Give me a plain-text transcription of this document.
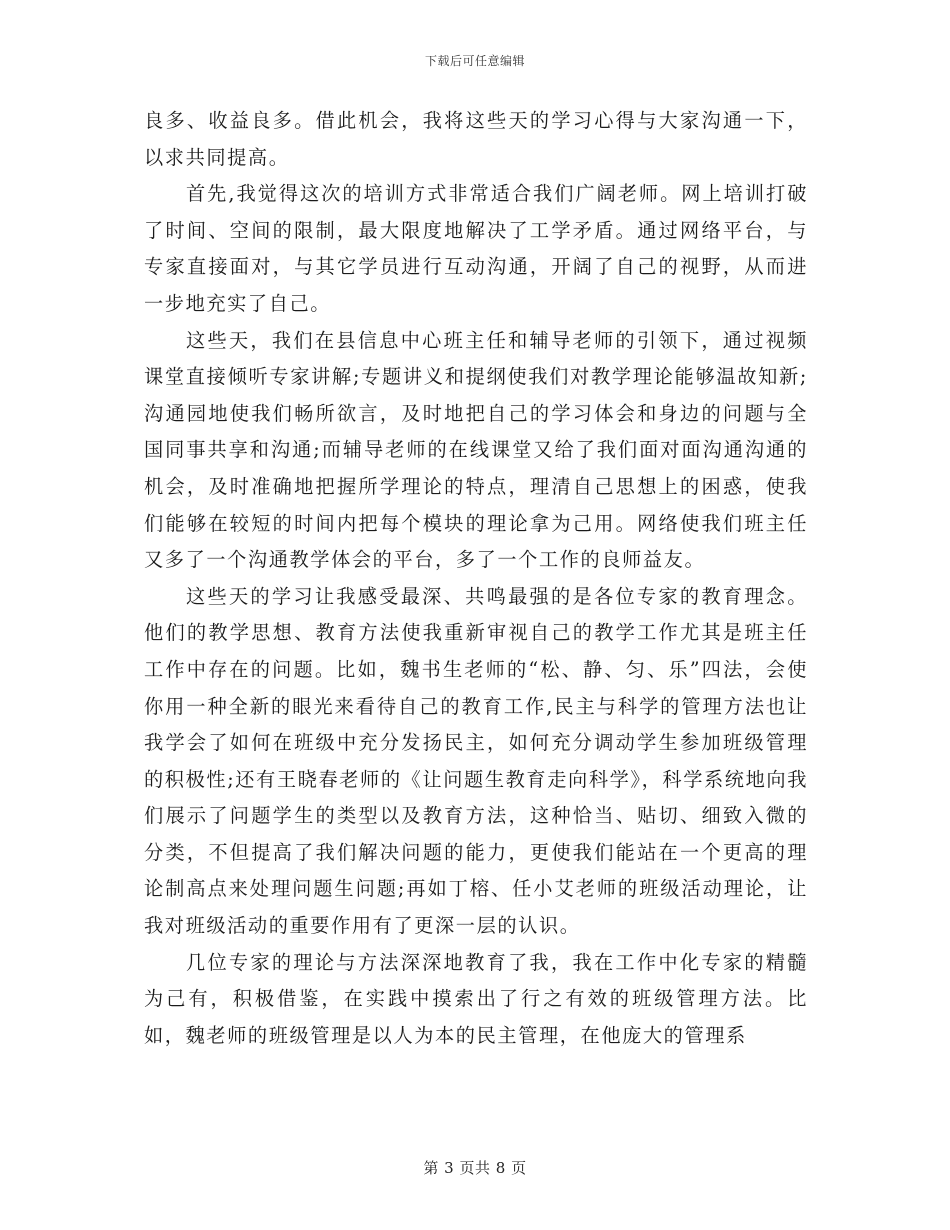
下载后可任意编辑

良多、收益良多。借此机会，我将这些天的学习心得与大家沟通一下，以求共同提高。

首先,我觉得这次的培训方式非常适合我们广阔老师。网上培训打破了时间、空间的限制，最大限度地解决了工学矛盾。通过网络平台，与专家直接面对，与其它学员进行互动沟通，开阔了自己的视野，从而进一步地充实了自己。

这些天，我们在县信息中心班主任和辅导老师的引领下，通过视频课堂直接倾听专家讲解;专题讲义和提纲使我们对教学理论能够温故知新;沟通园地使我们畅所欲言，及时地把自己的学习体会和身边的问题与全国同事共享和沟通;而辅导老师的在线课堂又给了我们面对面沟通沟通的机会，及时准确地把握所学理论的特点，理清自己思想上的困惑，使我们能够在较短的时间内把每个模块的理论拿为己用。网络使我们班主任又多了一个沟通教学体会的平台，多了一个工作的良师益友。

这些天的学习让我感受最深、共鸣最强的是各位专家的教育理念。他们的教学思想、教育方法使我重新审视自己的教学工作尤其是班主任工作中存在的问题。比如，魏书生老师的“松、静、匀、乐”四法，会使你用一种全新的眼光来看待自己的教育工作,民主与科学的管理方法也让我学会了如何在班级中充分发扬民主，如何充分调动学生参加班级管理的积极性;还有王晓春老师的《让问题生教育走向科学》，科学系统地向我们展示了问题学生的类型以及教育方法，这种恰当、贴切、细致入微的分类，不但提高了我们解决问题的能力，更使我们能站在一个更高的理论制高点来处理问题生问题;再如丁榕、任小艾老师的班级活动理论，让我对班级活动的重要作用有了更深一层的认识。

几位专家的理论与方法深深地教育了我，我在工作中化专家的精髓为己有，积极借鉴，在实践中摸索出了行之有效的班级管理方法。比如，魏老师的班级管理是以人为本的民主管理，在他庞大的管理系

第 3 页共 8 页
